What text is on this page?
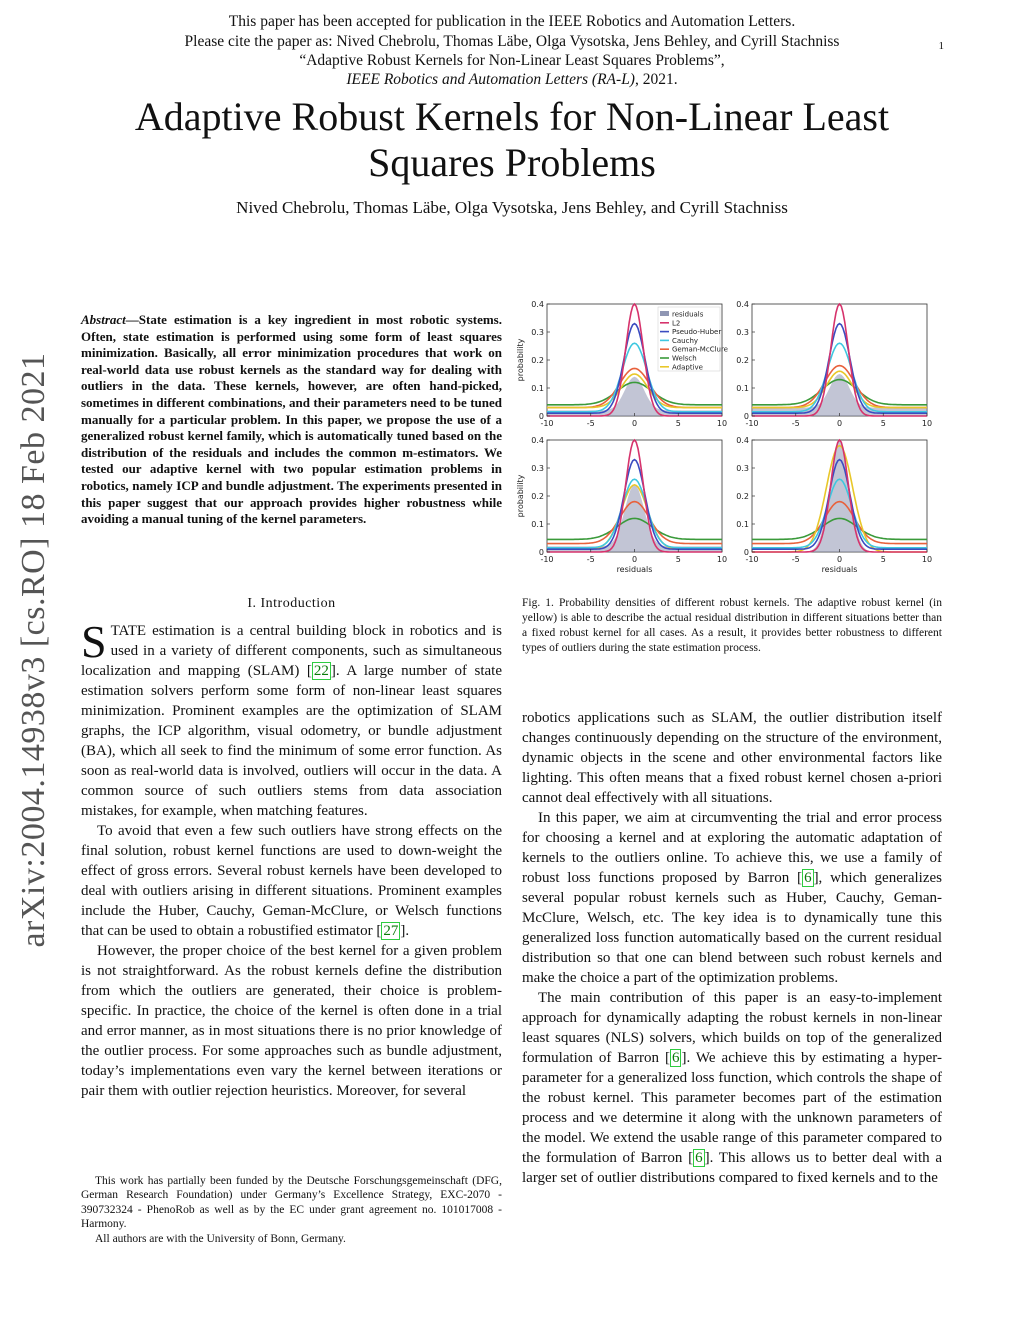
This paper has been accepted for publication in the IEEE Robotics and Automation Letters.
Please cite the paper as: Nived Chebrolu, Thomas Läbe, Olga Vysotska, Jens Behley, and Cyrill Stachniss
“Adaptive Robust Kernels for Non-Linear Least Squares Problems”,
IEEE Robotics and Automation Letters (RA-L), 2021.
1
Adaptive Robust Kernels for Non-Linear Least
Squares Problems
Nived Chebrolu, Thomas Läbe, Olga Vysotska, Jens Behley, and Cyrill Stachniss
arXiv:2004.14938v3 [cs.RO] 18 Feb 2021
Abstract—State estimation is a key ingredient in most robotic systems. Often, state estimation is performed using some form of least squares minimization. Basically, all error minimization procedures that work on real-world data use robust kernels as the standard way for dealing with outliers in the data. These kernels, however, are often hand-picked, sometimes in different combinations, and their parameters need to be tuned manually for a particular problem. In this paper, we propose the use of a generalized robust kernel family, which is automatically tuned based on the distribution of the residuals and includes the common m-estimators. We tested our adaptive kernel with two popular estimation problems in robotics, namely ICP and bundle adjustment. The experiments presented in this paper suggest that our approach provides higher robustness while avoiding a manual tuning of the kernel parameters.
I. Introduction

STATE estimation is a central building block in robotics and is used in a variety of different components, such as simultaneous localization and mapping (SLAM) [ 22 ]. A large number of state estimation solvers perform some form of non-linear least squares minimization. Prominent examples are the optimization of SLAM graphs, the ICP algorithm, visual odometry, or bundle adjustment (BA), which all seek to find the minimum of some error function. As soon as real-world data is involved, outliers will occur in the data. A common source of such outliers stems from data association mistakes, for example, when matching features.

To avoid that even a few such outliers have strong effects on the final solution, robust kernel functions are used to down-weight the effect of gross errors. Several robust kernels have been developed to deal with outliers arising in different situations. Prominent examples include the Huber, Cauchy, Geman-McClure, or Welsch functions that can be used to obtain a robustified estimator [ 27 ].

However, the proper choice of the best kernel for a given problem is not straightforward. As the robust kernels define the distribution from which the outliers are generated, their choice is problem-specific. In practice, the choice of the kernel is often done in a trial and error manner, as in most situations there is no prior knowledge of the outlier process. For some approaches such as bundle adjustment, today’s implementations even vary the kernel between iterations or pair them with outlier rejection heuristics. Moreover, for several

This work has partially been funded by the Deutsche Forschungsgemeinschaft (DFG, German Research Foundation) under Germany’s Excellence Strategy, EXC-2070 - 390732324 - PhenoRob as well as by the EC under grant agreement no. 101017008 - Harmony.

All authors are with the University of Bonn, Germany.

-10	-5	0	5	10
0
0.1
0.2
0.3
0.4
probability
residuals
L2
Pseudo-Huber
Cauchy
Geman-McClure
Welsch
Adaptive
-10	-5	0	5	10
0
0.1
0.2
0.3
0.4
-10	-5	0	5	10
0
0.1
0.2
0.3
0.4
probability
residuals
-10	-5	0	5	10
0
0.1
0.2
0.3
0.4
residuals
Fig. 1. Probability densities of different robust kernels. The adaptive robust kernel (in yellow) is able to describe the actual residual distribution in different situations better than a fixed robust kernel for all cases. As a result, it provides better robustness to different types of outliers during the state estimation process.

robotics applications such as SLAM, the outlier distribution itself changes continuously depending on the structure of the environment, dynamic objects in the scene and other environmental factors like lighting. This often means that a fixed robust kernel chosen a-priori cannot deal effectively with all situations.

In this paper, we aim at circumventing the trial and error process for choosing a kernel and at exploring the automatic adaptation of kernels to the outliers online. To achieve this, we use a family of robust loss functions proposed by Barron [ 6 ], which generalizes several popular robust kernels such as Huber, Cauchy, Geman-McClure, Welsch, etc. The key idea is to dynamically tune this generalized loss function automatically based on the current residual distribution so that one can blend between such robust kernels and make the choice a part of the optimization problems.

The main contribution of this paper is an easy-to-implement approach for dynamically adapting the robust kernels in non-linear least squares (NLS) solvers, which builds on top of the generalized formulation of Barron [ 6 ]. We achieve this by estimating a hyper-parameter for a generalized loss function, which controls the shape of the robust kernel. This parameter becomes part of the estimation process and we determine it along with the unknown parameters of the model. We extend the usable range of this parameter compared to the formulation of Barron [ 6 ]. This allows us to better deal with a larger set of outlier distributions compared to fixed kernels and to the
